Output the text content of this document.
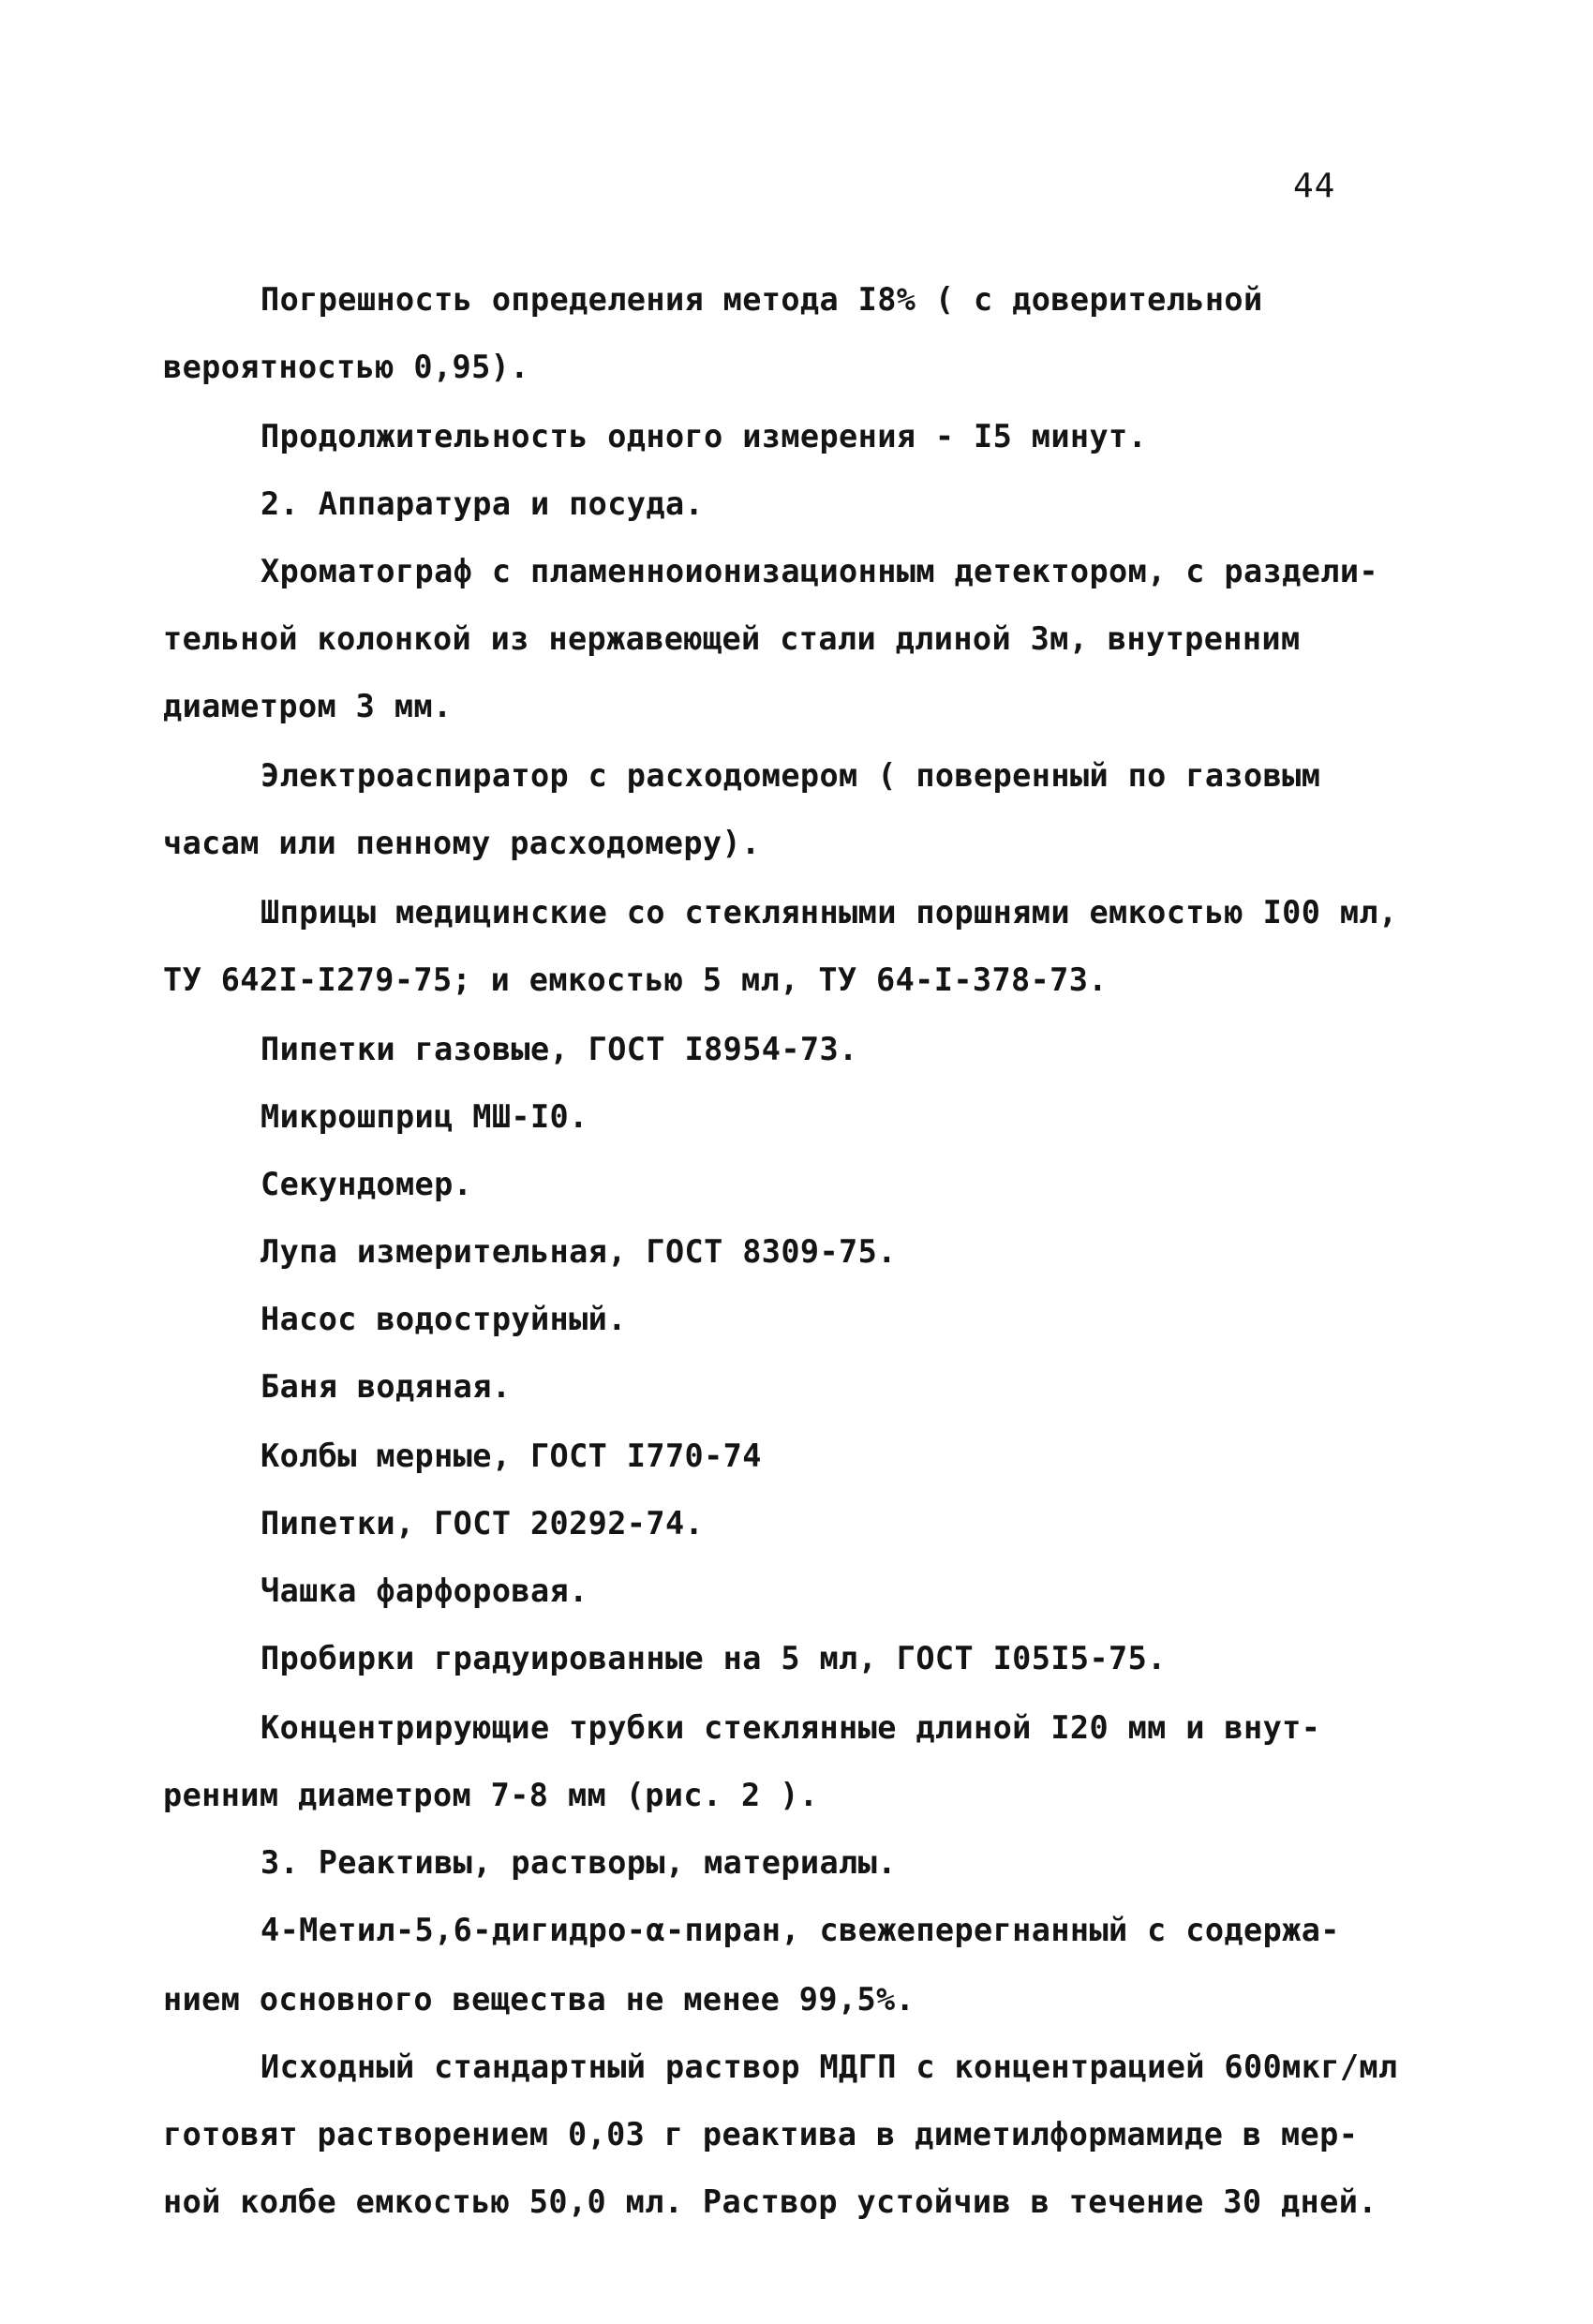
44
Погрешность определения метода I8% ( с доверительной
вероятностью 0,95).
Продолжительность одного измерения - I5 минут.
2. Аппаратура и посуда.
Хроматограф с пламенноионизационным детектором, с раздели-
тельной колонкой из нержавеющей стали длиной 3м, внутренним
диаметром 3 мм.
Электроаспиратор с расходомером ( поверенный по газовым
часам или пенному расходомеру).
Шприцы медицинские со стеклянными поршнями емкостью I00 мл,
ТУ 642I-I279-75; и емкостью 5 мл, ТУ 64-I-378-73.
Пипетки газовые, ГОСТ I8954-73.
Микрошприц МШ-I0.
Секундомер.
Лупа измерительная, ГОСТ 8309-75.
Насос водоструйный.
Баня водяная.
Колбы мерные, ГОСТ I770-74
Пипетки, ГОСТ 20292-74.
Чашка фарфоровая.
Пробирки градуированные на 5 мл, ГОСТ I05I5-75.
Концентрирующие трубки стеклянные длиной I20 мм и внут-
ренним диаметром 7-8 мм (рис. 2 ).
3. Реактивы, растворы, материалы.
4-Метил-5,6-дигидро-α-пиран, свежеперегнанный с содержа-
нием основного вещества не менее 99,5%.
Исходный стандартный раствор МДГП с концентрацией 600мкг/мл
готовят растворением 0,03 г реактива в диметилформамиде в мер-
ной колбе емкостью 50,0 мл. Раствор устойчив в течение 30 дней.
